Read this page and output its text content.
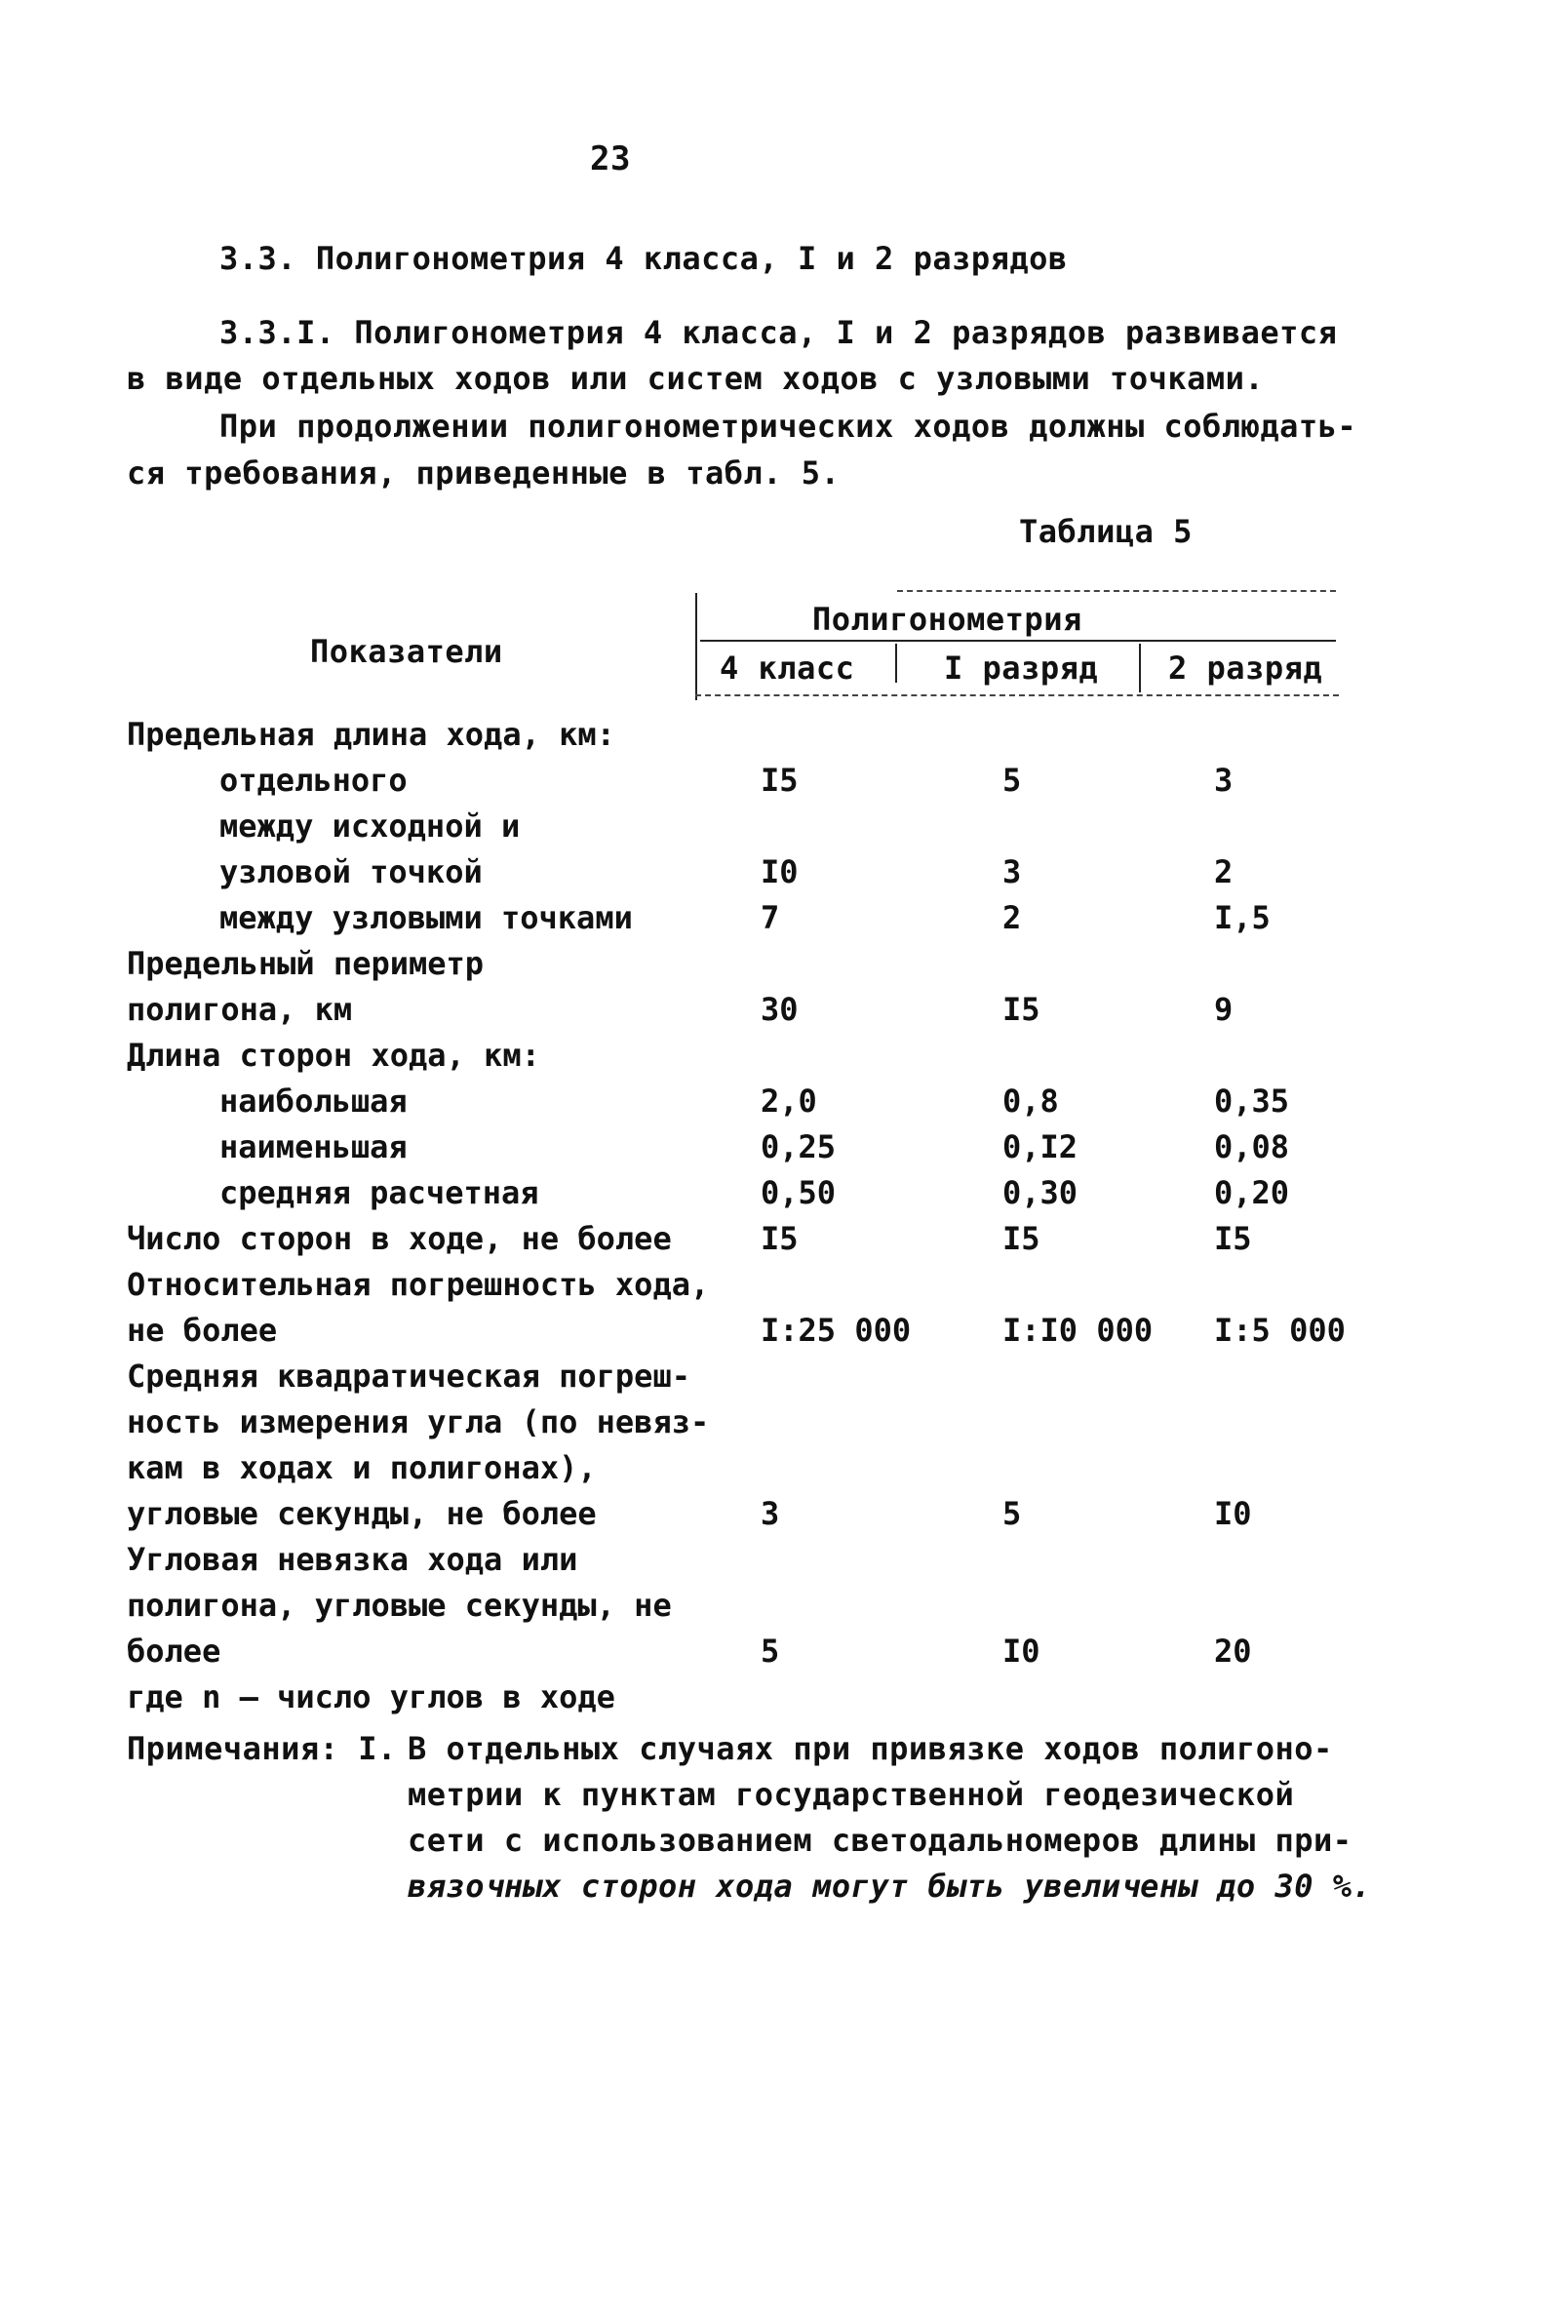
23
3.3. Полигонометрия 4 класса, I и 2 разрядов
3.3.I. Полигонометрия 4 класса, I и 2 разрядов развивается
в виде отдельных ходов или систем ходов с узловыми точками.
При продолжении полигонометрических ходов должны соблюдать-
ся требования, приведенные в табл. 5.
Таблица 5
Показатели
Полигонометрия
4 класс	I разряд 2 разряд
Предельная длина хода, км:
отдельного	I5	5	3
между исходной и
узловой точкой	I0	3	2
между узловыми точками	7	2	I,5
Предельный периметр
полигона, км	30	I5	9
Длина сторон хода, км:
наибольшая	2,0	0,8	0,35
наименьшая	0,25	0,I2	0,08
средняя расчетная	0,50	0,30	0,20
Число сторон в ходе, не более	I5	I5	I5
Относительная погрешность хода,
не более	I:25 000	I:I0 000 I:5 000
Средняя квадратическая погреш-
ность измерения угла (по невяз-
кам в ходах и полигонах),
угловые секунды, не более	3	5	I0
Угловая невязка хода или
полигона, угловые секунды, не
более	5	I0	20
где n – число углов в ходе
Примечания: I. В отдельных случаях при привязке ходов полигоно-
метрии к пунктам государственной геодезической
сети с использованием светодальномеров длины при-
вязочных сторон хода могут быть увеличены до 30 %.
